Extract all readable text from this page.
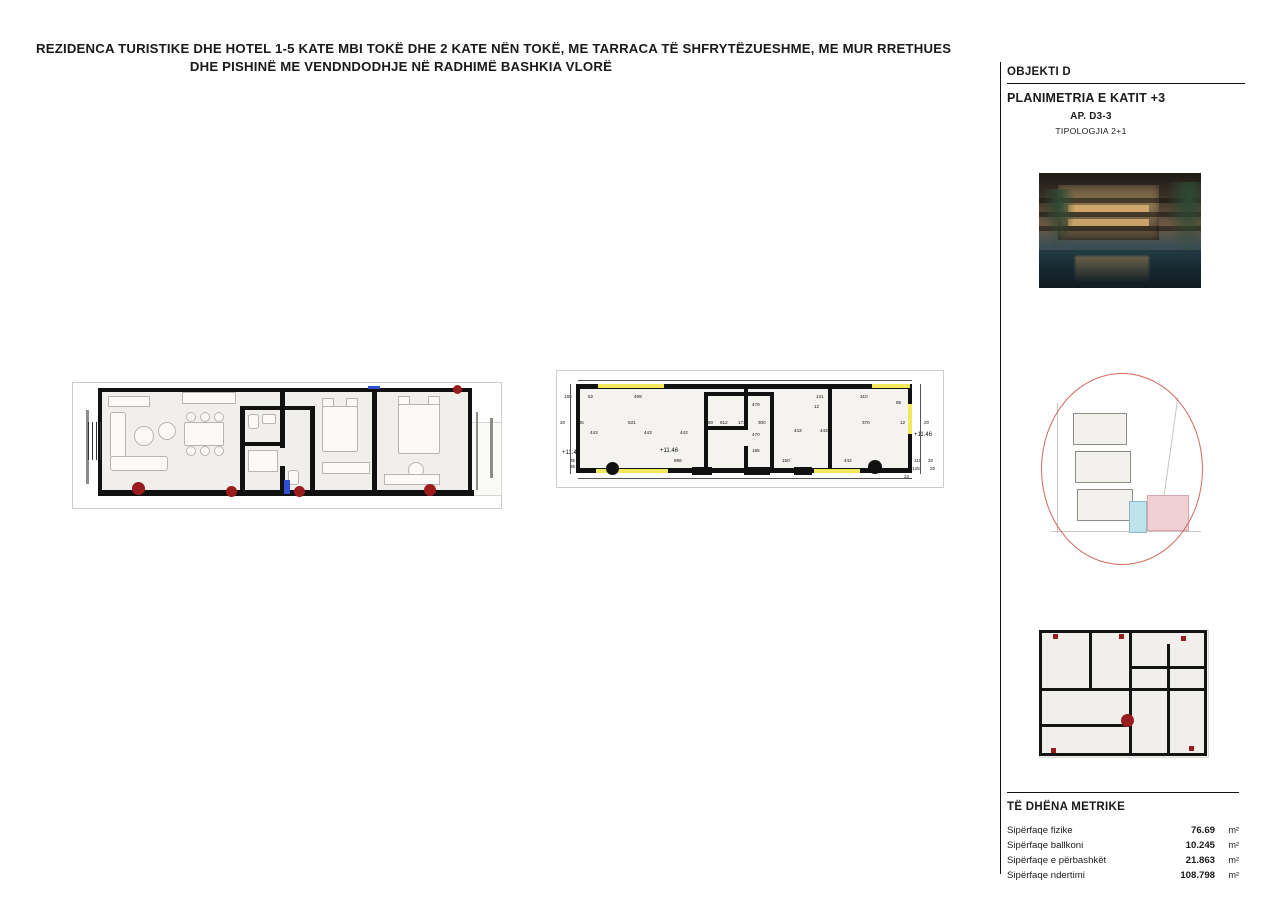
REZIDENCA TURISTIKE DHE HOTEL 1-5 KATE MBI TOKË DHE 2 KATE NËN TOKË, ME TARRACA TË SHFRYTËZUESHME, ME MUR RRETHUES
DHE PISHINË ME VENDNDODHJE NË RADHIMË BASHKIA VLORË
+11.46	+11.46
+11.46
165	52	499	494	131	310
20 145
443
531
443	443
60 612 173	300
443	443
370	12	20
110
20
886	150	442
125
20
479
470
195
12
35
36
85
22
OBJEKTI D
PLANIMETRIA E KATIT +3
AP. D3-3
TIPOLOGJIA 2+1
TË DHËNA METRIKE
Sipërfaqe fizike	76.69	m²
Sipërfaqe ballkoni	10.245	m²
Sipërfaqe e përbashkët	21.863	m²
Sipërfaqe ndertimi	108.798	m²
